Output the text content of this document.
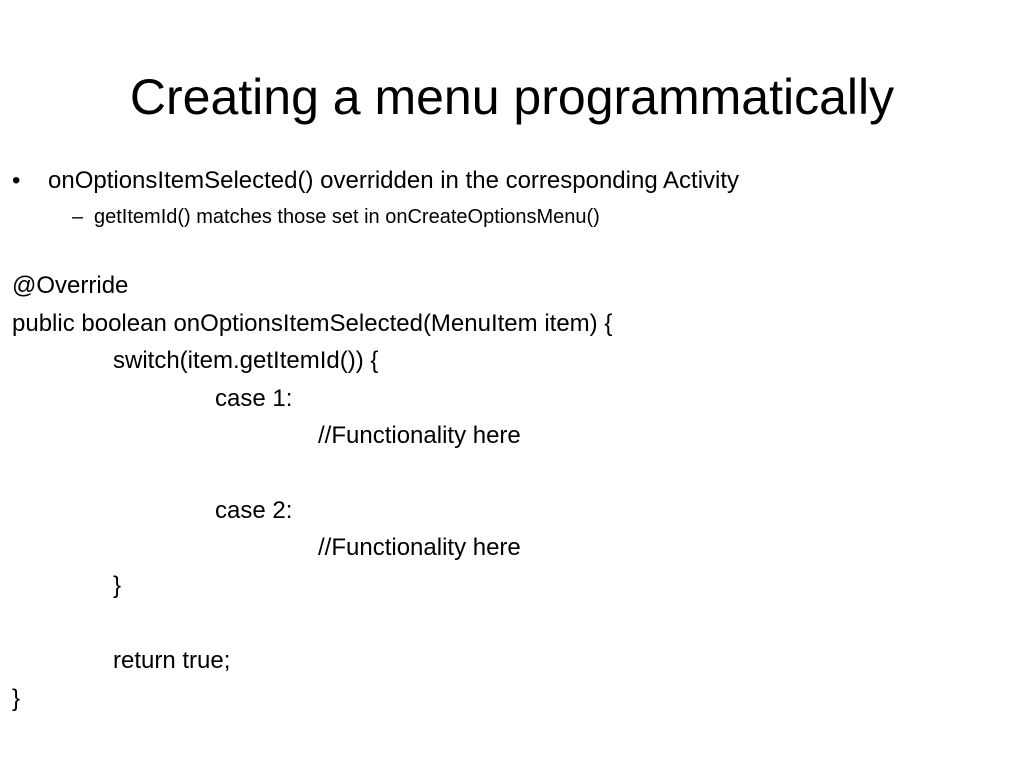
Creating a menu programmatically
• onOptionsItemSelected() overridden in the corresponding Activity
– getItemId() matches those set in onCreateOptionsMenu()
@Override
public boolean onOptionsItemSelected(MenuItem item) {
switch(item.getItemId()) {
case 1:
//Functionality here
case 2:
//Functionality here
}
return true;
}
